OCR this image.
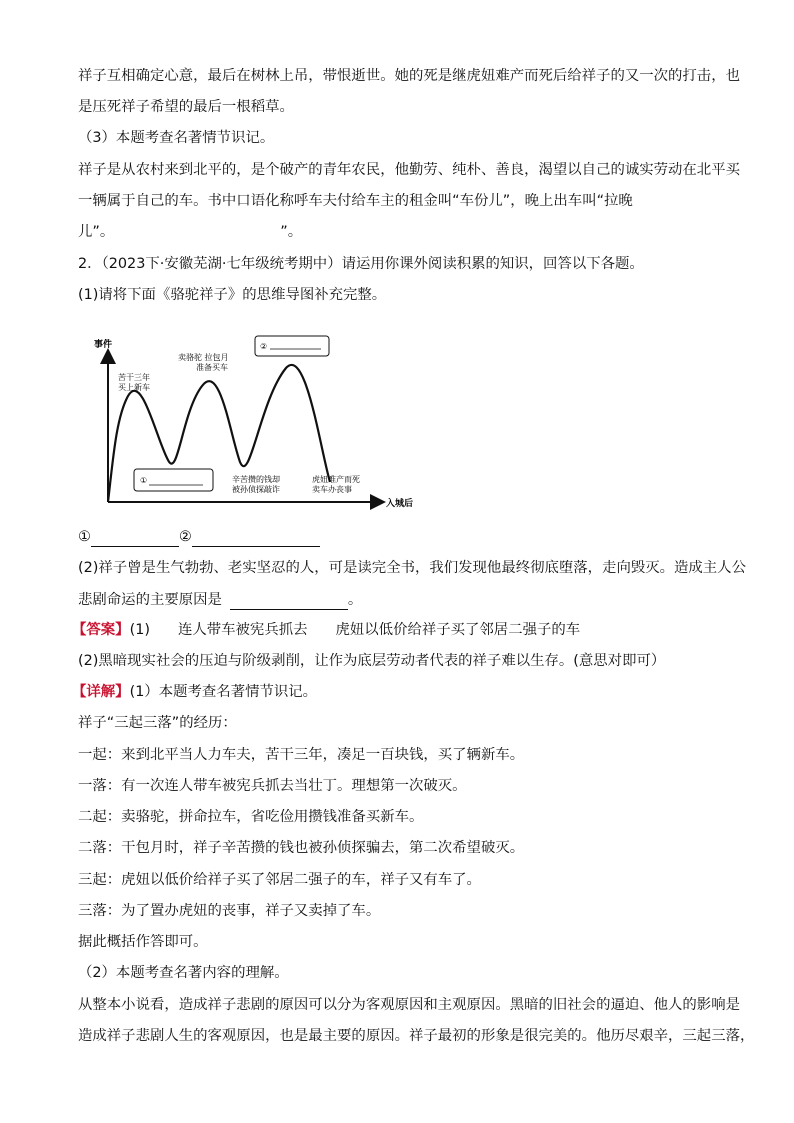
祥子互相确定心意，最后在树林上吊，带恨逝世。她的死是继虎妞难产而死后给祥子的又一次的打击，也
是压死祥子希望的最后一根稻草。
（3）本题考查名著情节识记。
祥子是从农村来到北平的，是个破产的青年农民，他勤劳、纯朴、善良，渴望以自己的诚实劳动在北平买
一辆属于自己的车。书中口语化称呼车夫付给车主的租金叫“车份儿”，晚上出车叫“拉晚
儿”。	”。
2．（2023下·安徽芜湖·七年级统考期中）请运用你课外阅读积累的知识，回答以下各题。
(1)请将下面《骆驼祥子》的思维导图补充完整。
事件
入城后
苦干三年 买上新车
卖骆驼 拉包月 准备买车
辛苦攒的钱却 被孙侦探敲诈
虎妞难产而死 卖车办丧事
①
②
①	②
(2)祥子曾是生气勃勃、老实坚忍的人，可是读完全书，我们发现他最终彻底堕落，走向毁灭。造成主人公
悲剧命运的主要原因是	。
【答案】(1) 连人带车被宪兵抓去 虎妞以低价给祥子买了邻居二强子的车
(2)黑暗现实社会的压迫与阶级剥削，让作为底层劳动者代表的祥子难以生存。(意思对即可）
【详解】(1）本题考查名著情节识记。
祥子“三起三落”的经历：
一起：来到北平当人力车夫，苦干三年，凑足一百块钱，买了辆新车。
一落：有一次连人带车被宪兵抓去当壮丁。理想第一次破灭。
二起：卖骆驼，拼命拉车，省吃俭用攒钱准备买新车。
二落：干包月时，祥子辛苦攒的钱也被孙侦探骗去，第二次希望破灭。
三起：虎妞以低价给祥子买了邻居二强子的车，祥子又有车了。
三落：为了置办虎妞的丧事，祥子又卖掉了车。
据此概括作答即可。
（2）本题考查名著内容的理解。
从整本小说看，造成祥子悲剧的原因可以分为客观原因和主观原因。黑暗的旧社会的逼迫、他人的影响是
造成祥子悲剧人生的客观原因，也是最主要的原因。祥子最初的形象是很完美的。他历尽艰辛，三起三落，
